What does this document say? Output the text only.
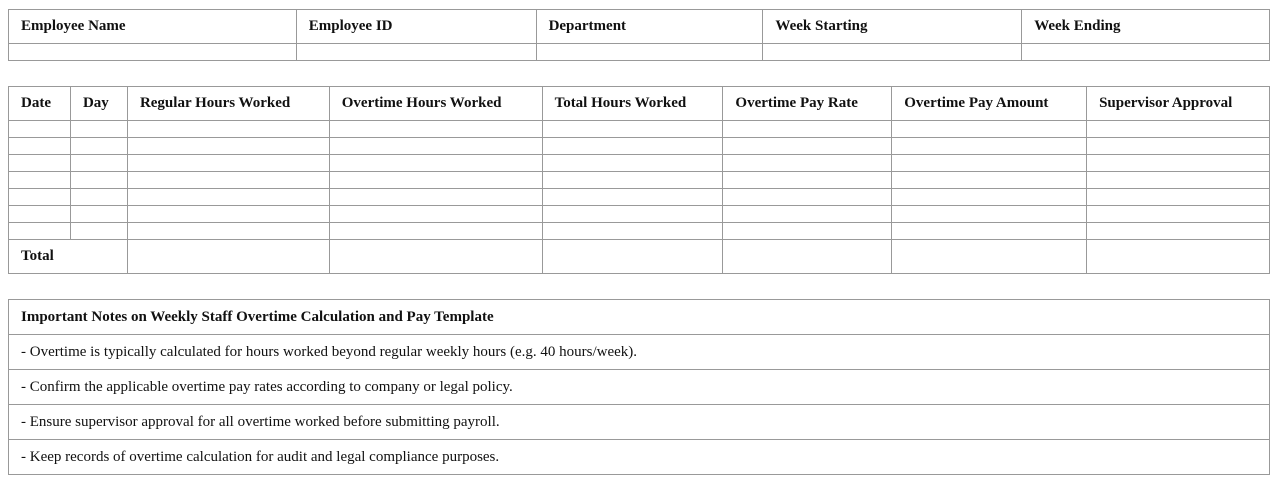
Employee Name	Employee ID	Department	Week Starting	Week Ending

Date	Day	Regular Hours Worked	Overtime Hours Worked	Total Hours Worked	Overtime Pay Rate	Overtime Pay Amount	Supervisor Approval

Total							
Important Notes on Weekly Staff Overtime Calculation and Pay Template
- Overtime is typically calculated for hours worked beyond regular weekly hours (e.g. 40 hours/week).
- Confirm the applicable overtime pay rates according to company or legal policy.
- Ensure supervisor approval for all overtime worked before submitting payroll.
- Keep records of overtime calculation for audit and legal compliance purposes.
